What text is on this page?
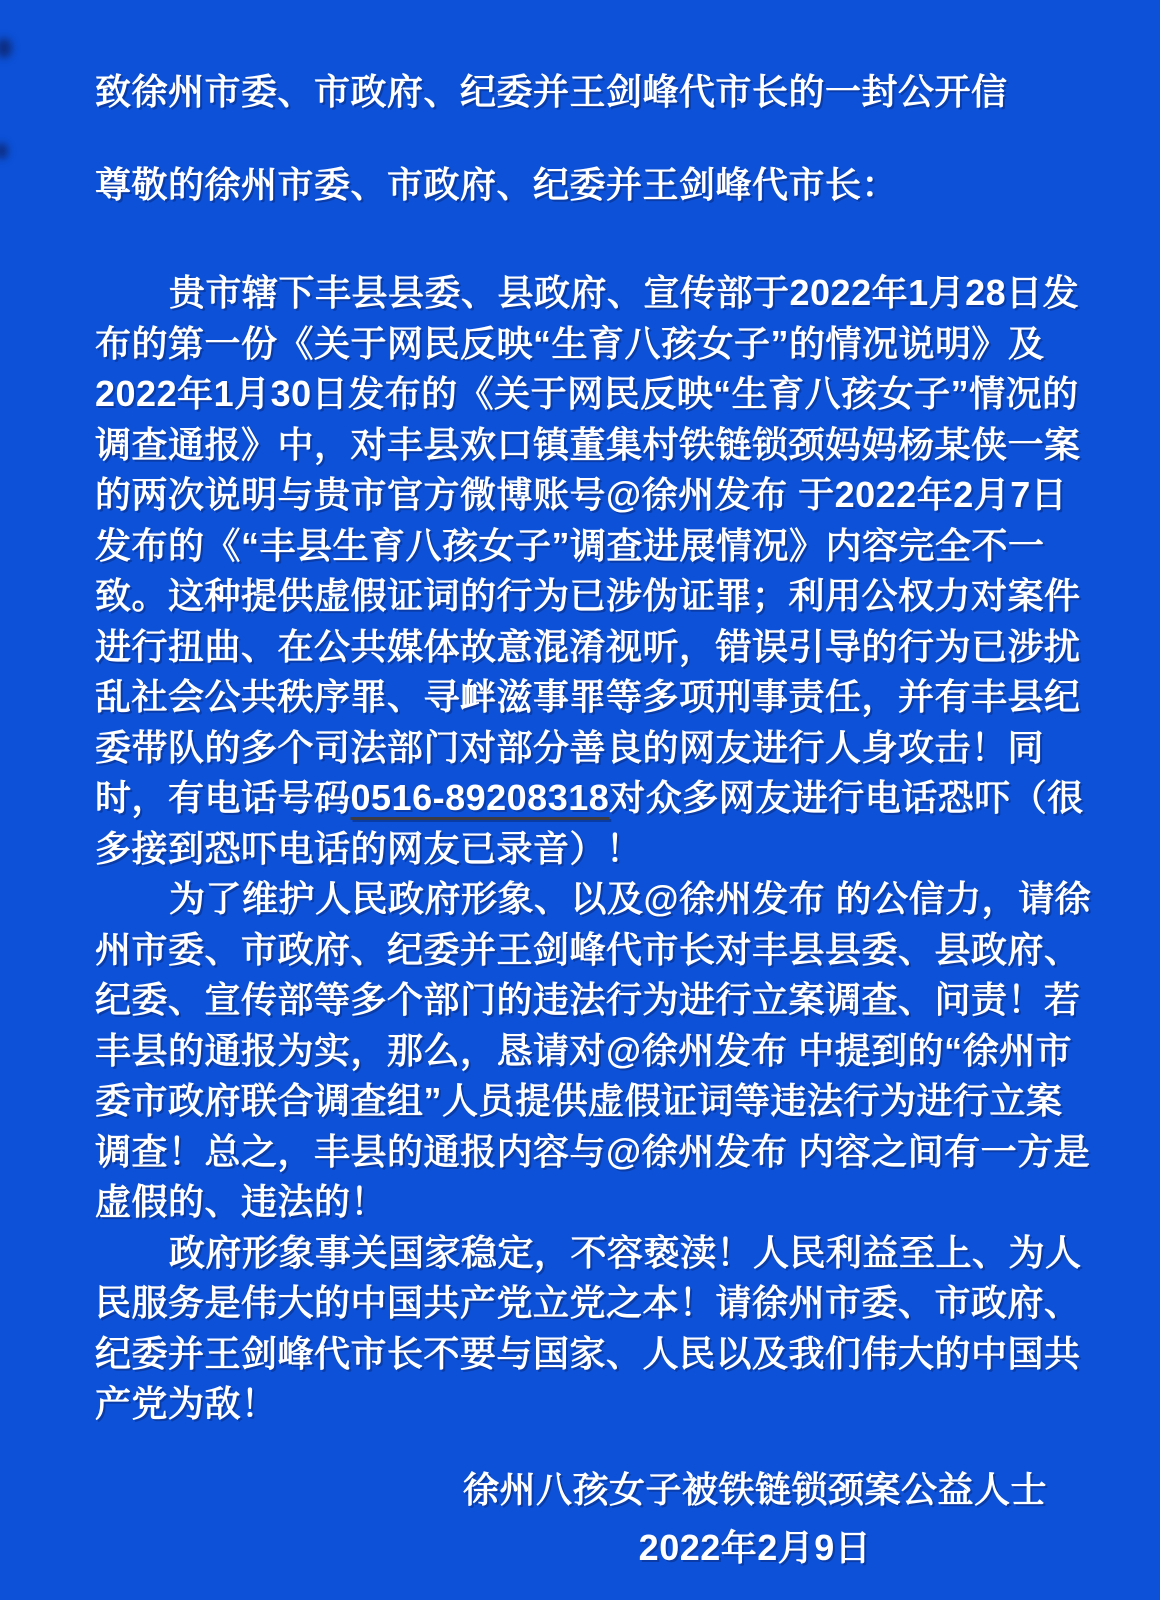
致徐州市委、市政府、纪委并王剑峰代市长的一封公开信
尊敬的徐州市委、市政府、纪委并王剑峰代市长：
贵市辖下丰县县委、县政府、宣传部于2022年1月28日发
布的第一份《关于网民反映“生育八孩女子”的情况说明》及
2022年1月30日发布的《关于网民反映“生育八孩女子”情况的
调查通报》中，对丰县欢口镇董集村铁链锁颈妈妈杨某侠一案
的两次说明与贵市官方微博账号@徐州发布 于2022年2月7日
发布的《“丰县生育八孩女子”调查进展情况》内容完全不一
致。这种提供虚假证词的行为已涉伪证罪；利用公权力对案件
进行扭曲、在公共媒体故意混淆视听，错误引导的行为已涉扰
乱社会公共秩序罪、寻衅滋事罪等多项刑事责任，并有丰县纪
委带队的多个司法部门对部分善良的网友进行人身攻击！同
时，有电话号码0516-89208318对众多网友进行电话恐吓（很
多接到恐吓电话的网友已录音）！
为了维护人民政府形象、以及@徐州发布 的公信力，请徐
州市委、市政府、纪委并王剑峰代市长对丰县县委、县政府、
纪委、宣传部等多个部门的违法行为进行立案调查、问责！若
丰县的通报为实，那么，恳请对@徐州发布 中提到的“徐州市
委市政府联合调查组”人员提供虚假证词等违法行为进行立案
调查！总之，丰县的通报内容与@徐州发布 内容之间有一方是
虚假的、违法的！
政府形象事关国家稳定，不容亵渎！人民利益至上、为人
民服务是伟大的中国共产党立党之本！请徐州市委、市政府、
纪委并王剑峰代市长不要与国家、人民以及我们伟大的中国共
产党为敌！
徐州八孩女子被铁链锁颈案公益人士
2022年2月9日
